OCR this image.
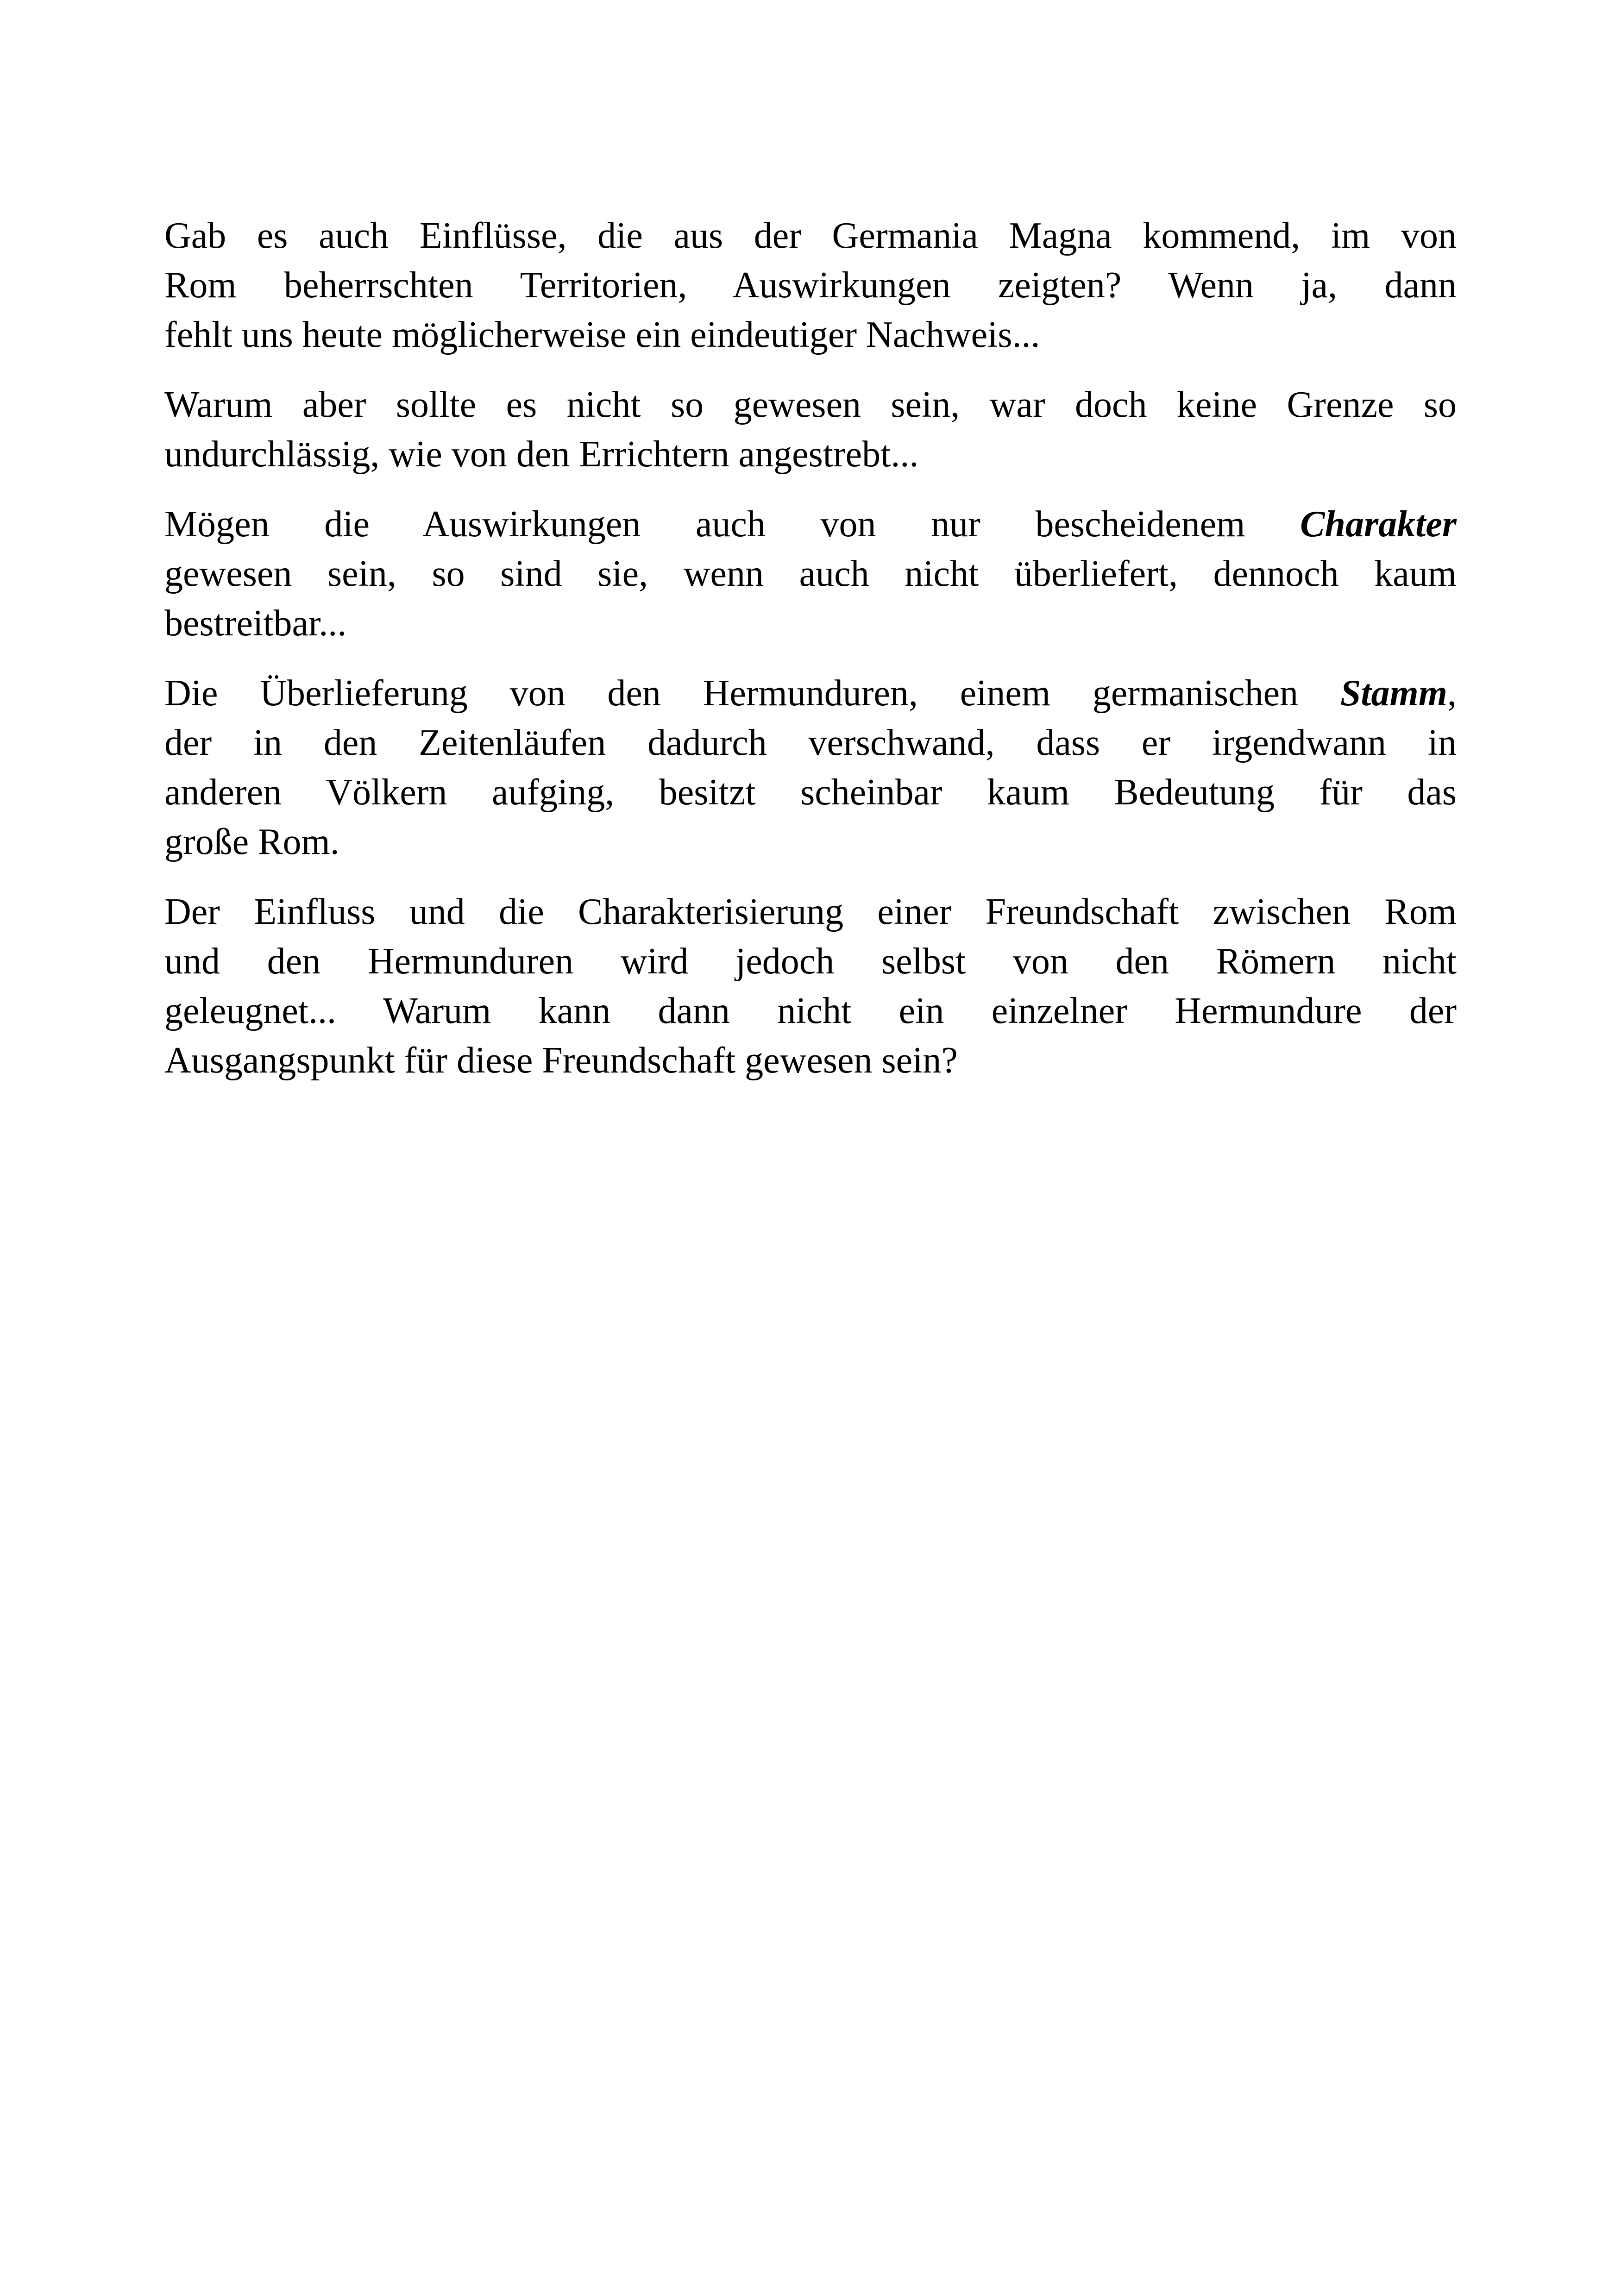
Gab es auch Einflüsse, die aus der Germania Magna kommend, im von
Rom beherrschten Territorien, Auswirkungen zeigten? Wenn ja, dann
fehlt uns heute möglicherweise ein eindeutiger Nachweis...

Warum aber sollte es nicht so gewesen sein, war doch keine Grenze so
undurchlässig, wie von den Errichtern angestrebt...

Mögen die Auswirkungen auch von nur bescheidenem Charakter
gewesen sein, so sind sie, wenn auch nicht überliefert, dennoch kaum
bestreitbar...

Die Überlieferung von den Hermunduren, einem germanischen Stamm,
der in den Zeitenläufen dadurch verschwand, dass er irgendwann in
anderen Völkern aufging, besitzt scheinbar kaum Bedeutung für das
große Rom.

Der Einfluss und die Charakterisierung einer Freundschaft zwischen Rom
und den Hermunduren wird jedoch selbst von den Römern nicht
geleugnet... Warum kann dann nicht ein einzelner Hermundure der
Ausgangspunkt für diese Freundschaft gewesen sein?
